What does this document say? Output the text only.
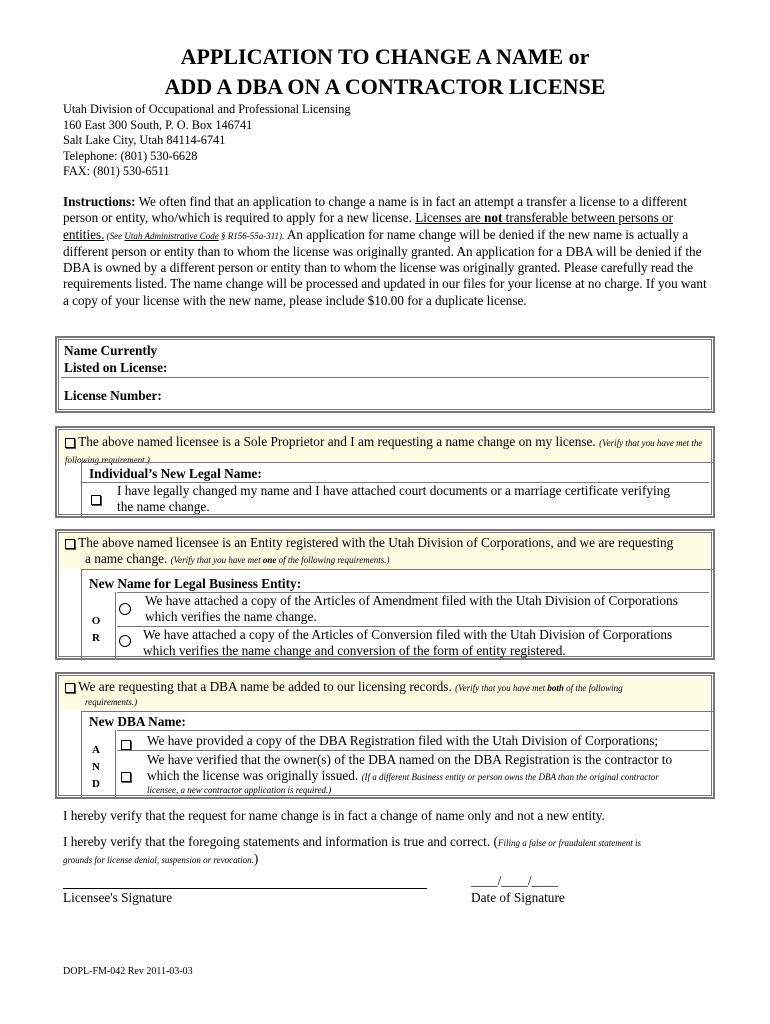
APPLICATION TO CHANGE A NAME or
ADD A DBA ON A CONTRACTOR LICENSE
Utah Division of Occupational and Professional Licensing
160 East 300 South, P. O. Box 146741
Salt Lake City, Utah 84114-6741
Telephone: (801) 530-6628
FAX: (801) 530-6511
Instructions: We often find that an application to change a name is in fact an attempt a transfer a license to a different person or entity, who/which is required to apply for a new license. Licenses are not transferable between persons or entities. (See Utah Administrative Code § R156-55a-311). An application for name change will be denied if the new name is actually a different person or entity than to whom the license was originally granted. An application for a DBA will be denied if the DBA is owned by a different person or entity than to whom the license was originally granted. Please carefully read the requirements listed. The name change will be processed and updated in our files for your license at no charge. If you want a copy of your license with the new name, please include $10.00 for a duplicate license.
Name Currently
Listed on License:
License Number:
The above named licensee is a Sole Proprietor and I am requesting a name change on my license. (Verify that you have met the following requirement.)
Individual’s New Legal Name:
I have legally changed my name and I have attached court documents or a marriage certificate verifying
the name change.
The above named licensee is an Entity registered with the Utah Division of Corporations, and we are requesting
a name change. (Verify that you have met one of the following requirements.)
New Name for Legal Business Entity:
O
R
We have attached a copy of the Articles of Amendment filed with the Utah Division of Corporations
which verifies the name change.
We have attached a copy of the Articles of Conversion filed with the Utah Division of Corporations
which verifies the name change and conversion of the form of entity registered.
We are requesting that a DBA name be added to our licensing records. (Verify that you have met both of the following
requirements.)
New DBA Name:
A
N
D
We have provided a copy of the DBA Registration filed with the Utah Division of Corporations;
We have verified that the owner(s) of the DBA named on the DBA Registration is the contractor to
which the license was originally issued. (If a different Business entity or person owns the DBA than the original contractor
licensee, a new contractor application is required.)
I hereby verify that the request for name change is in fact a change of name only and not a new entity.
I hereby verify that the foregoing statements and information is true and correct. (Filing a false or fraudulent statement is
grounds for license denial, suspension or revocation.)
Licensee's Signature
____/____/____
Date of Signature
DOPL-FM-042 Rev 2011-03-03
